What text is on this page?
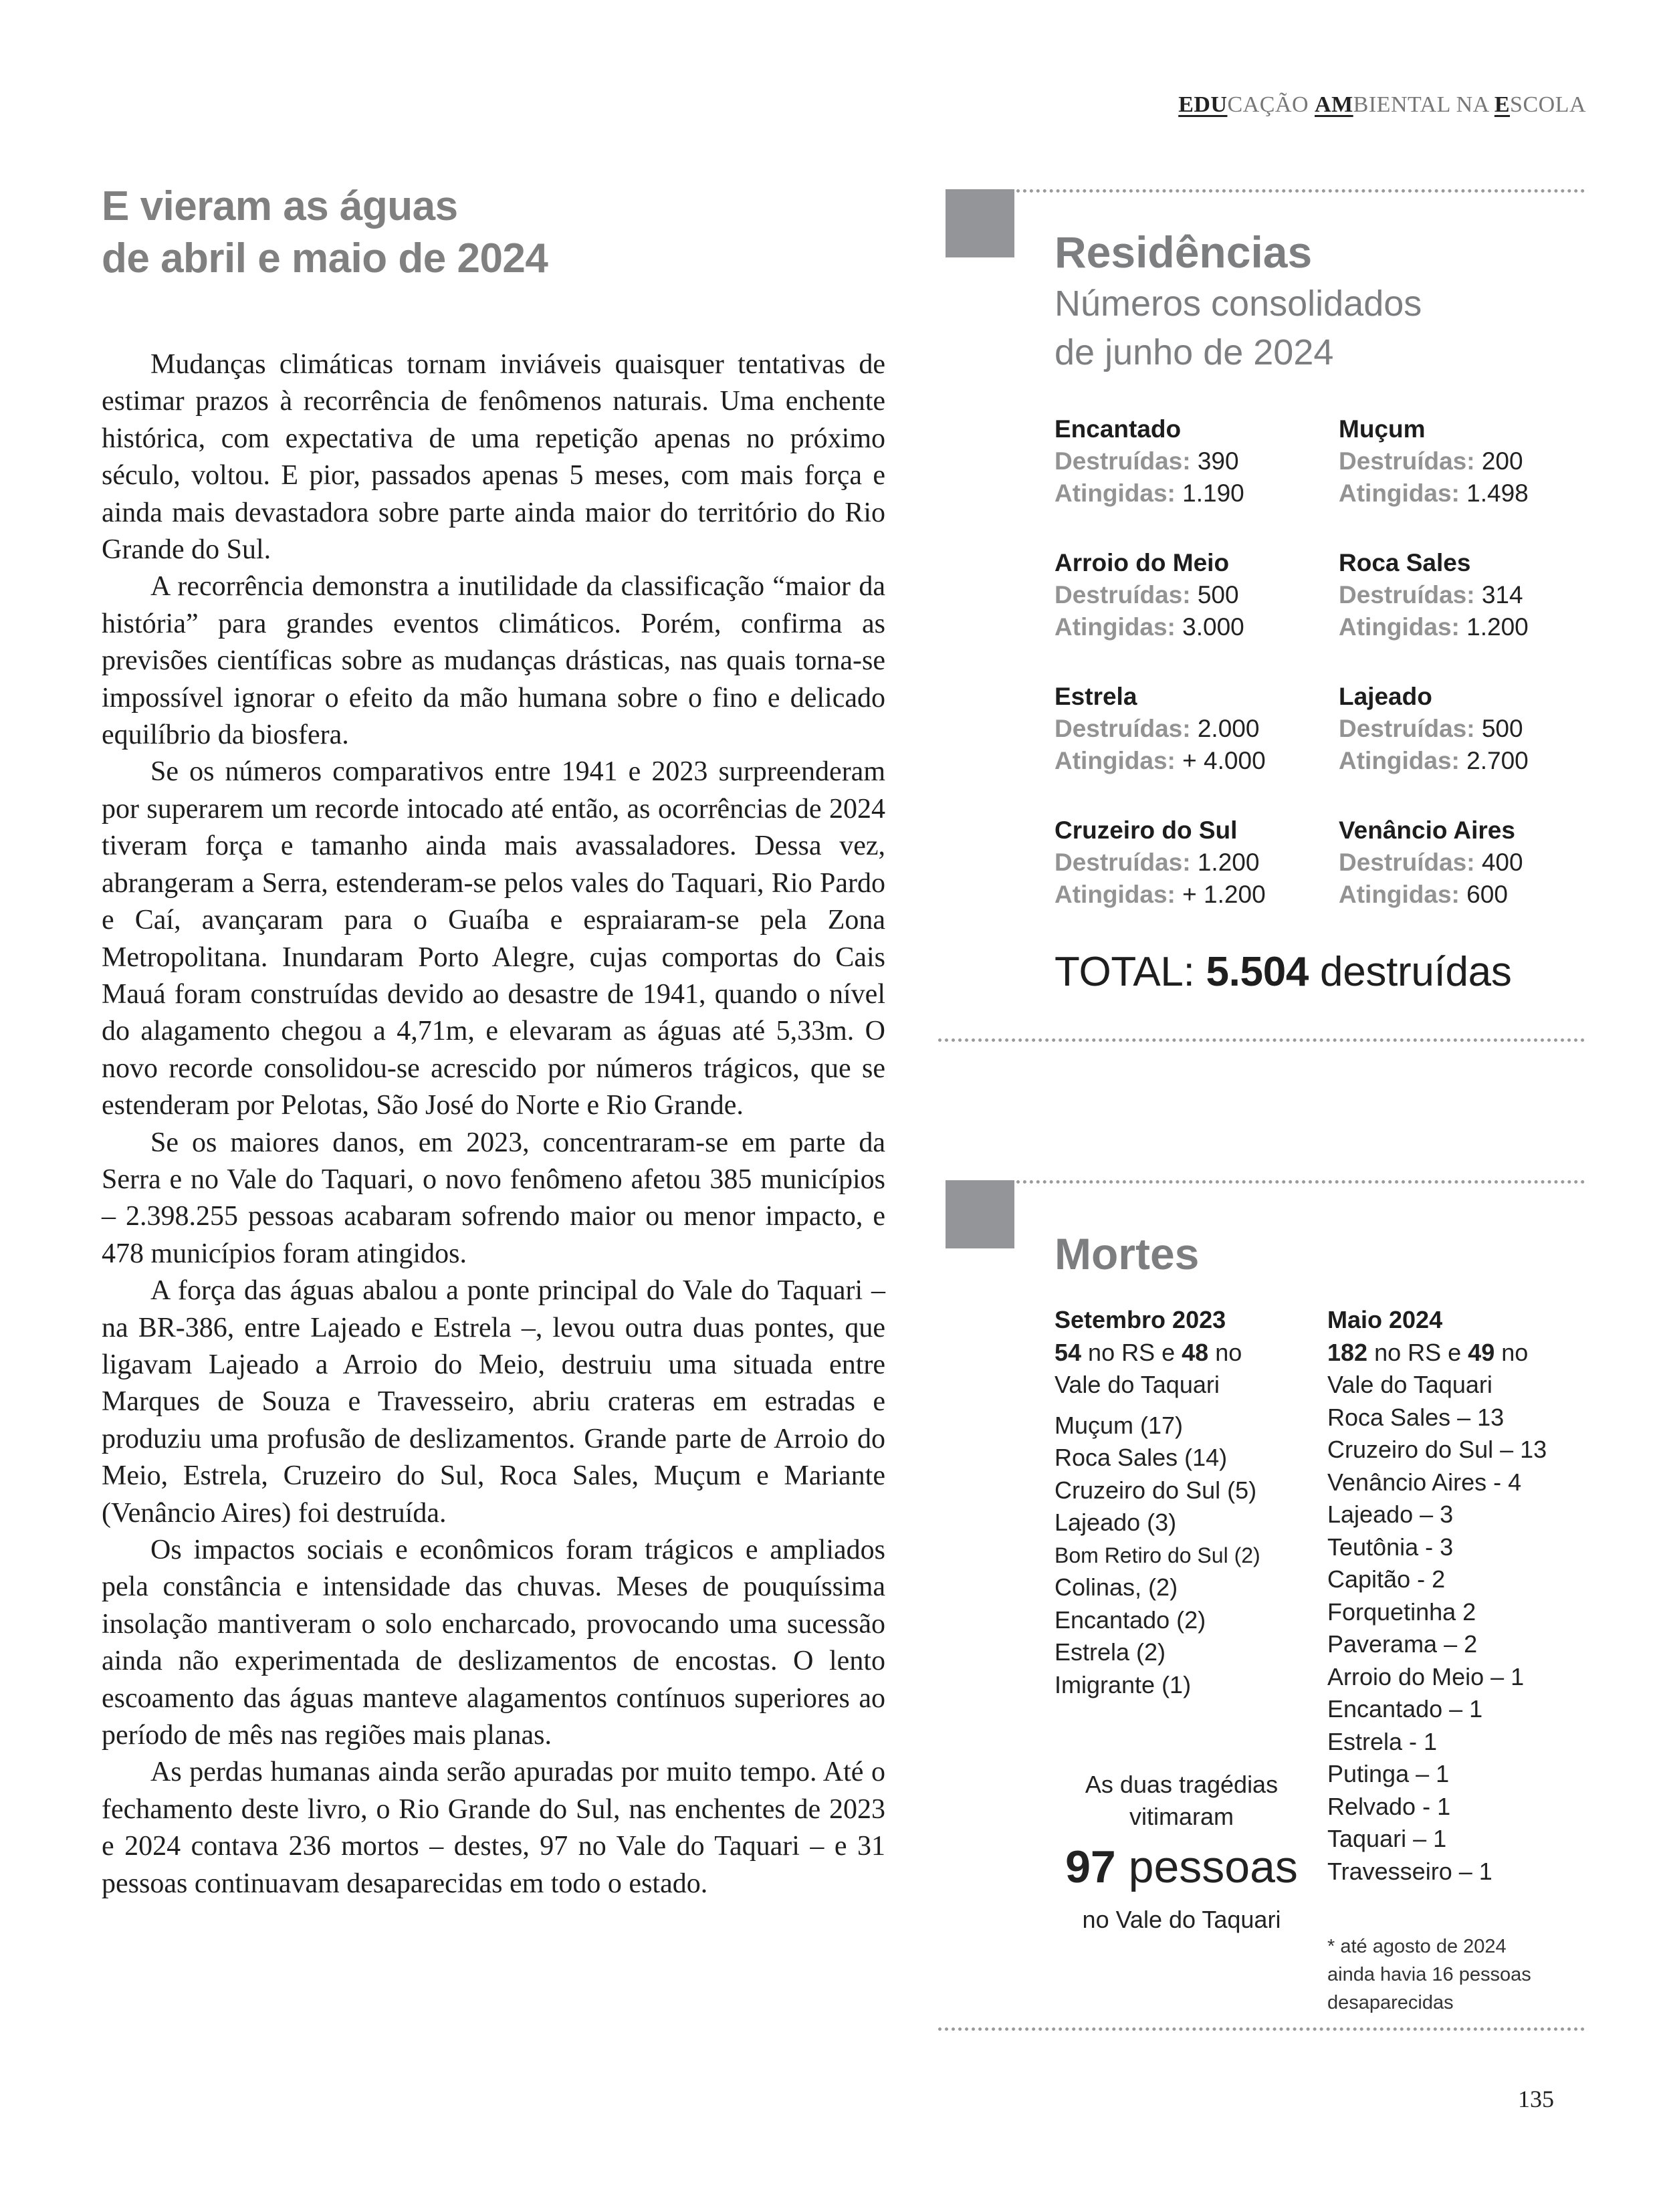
EDUCAÇÃO AMBIENTAL NA ESCOLA
E vieram as águas
de abril e maio de 2024

Mudanças climáticas tornam inviáveis quaisquer tentativas de estimar prazos à recorrência de fenômenos naturais. Uma enchente histórica, com expectativa de uma repetição apenas no próximo século, voltou. E pior, passados apenas 5 meses, com mais força e ainda mais devastadora sobre parte ainda maior do território do Rio Grande do Sul.

A recorrência demonstra a inutilidade da classificação “maior da história” para grandes eventos climáticos. Porém, confirma as previsões científicas sobre as mudanças drásticas, nas quais torna-se impossível ignorar o efeito da mão humana sobre o fino e delicado equilíbrio da biosfera.

Se os números comparativos entre 1941 e 2023 surpreenderam por superarem um recorde intocado até então, as ocorrências de 2024 tiveram força e tamanho ainda mais avassaladores. Dessa vez, abrangeram a Serra, estenderam-se pelos vales do Taquari, Rio Pardo e Caí, avançaram para o Guaíba e espraiaram-se pela Zona Metropolitana. Inundaram Porto Alegre, cujas comportas do Cais Mauá foram construídas devido ao desastre de 1941, quando o nível do alagamento chegou a 4,71m, e elevaram as águas até 5,33m. O novo recorde consolidou-se acrescido por números trágicos, que se estenderam por Pelotas, São José do Norte e Rio Grande.

Se os maiores danos, em 2023, concentraram-se em parte da Serra e no Vale do Taquari, o novo fenômeno afetou 385 municípios – 2.398.255 pessoas acabaram sofrendo maior ou menor impacto, e 478 municípios foram atingidos.

A força das águas abalou a ponte principal do Vale do Taquari – na BR-386, entre Lajeado e Estrela –, levou outra duas pontes, que ligavam Lajeado a Arroio do Meio, destruiu uma situada entre Marques de Souza e Travesseiro, abriu crateras em estradas e produziu uma profusão de deslizamentos. Grande parte de Arroio do Meio, Estrela, Cruzeiro do Sul, Roca Sales, Muçum e Mariante (Venâncio Aires) foi destruída.

Os impactos sociais e econômicos foram trágicos e ampliados pela constância e intensidade das chuvas. Meses de pouquíssima insolação mantiveram o solo encharcado, provocando uma sucessão ainda não experimentada de deslizamentos de encostas. O lento escoamento das águas manteve alagamentos contínuos superiores ao período de mês nas regiões mais planas.

As perdas humanas ainda serão apuradas por muito tempo. Até o fechamento deste livro, o Rio Grande do Sul, nas enchentes de 2023 e 2024 contava 236 mortos – destes, 97 no Vale do Taquari – e 31 pessoas continuavam desaparecidas em todo o estado.

Residências
Números consolidados
de junho de 2024
Encantado
Destruídas: 390
Atingidas: 1.190
Muçum
Destruídas: 200
Atingidas: 1.498
Arroio do Meio
Destruídas: 500
Atingidas: 3.000
Roca Sales
Destruídas: 314
Atingidas: 1.200
Estrela
Destruídas: 2.000
Atingidas: + 4.000
Lajeado
Destruídas: 500
Atingidas: 2.700
Cruzeiro do Sul
Destruídas: 1.200
Atingidas: + 1.200
Venâncio Aires
Destruídas: 400
Atingidas: 600
TOTAL: 5.504 destruídas
Mortes
Setembro 2023
54 no RS e 48 no
Vale do Taquari
Muçum (17)
Roca Sales (14)
Cruzeiro do Sul (5)
Lajeado (3)
Bom Retiro do Sul (2)
Colinas, (2)
Encantado (2)
Estrela (2)
Imigrante (1)
Maio 2024
182 no RS e 49 no
Vale do Taquari
Roca Sales – 13
Cruzeiro do Sul – 13
Venâncio Aires - 4
Lajeado – 3
Teutônia - 3
Capitão - 2
Forquetinha 2
Paverama – 2
Arroio do Meio – 1
Encantado – 1
Estrela - 1
Putinga – 1
Relvado - 1
Taquari – 1
Travesseiro – 1
As duas tragédias
vitimaram
97 pessoas
no Vale do Taquari
* até agosto de 2024
ainda havia 16 pessoas
desaparecidas
135
